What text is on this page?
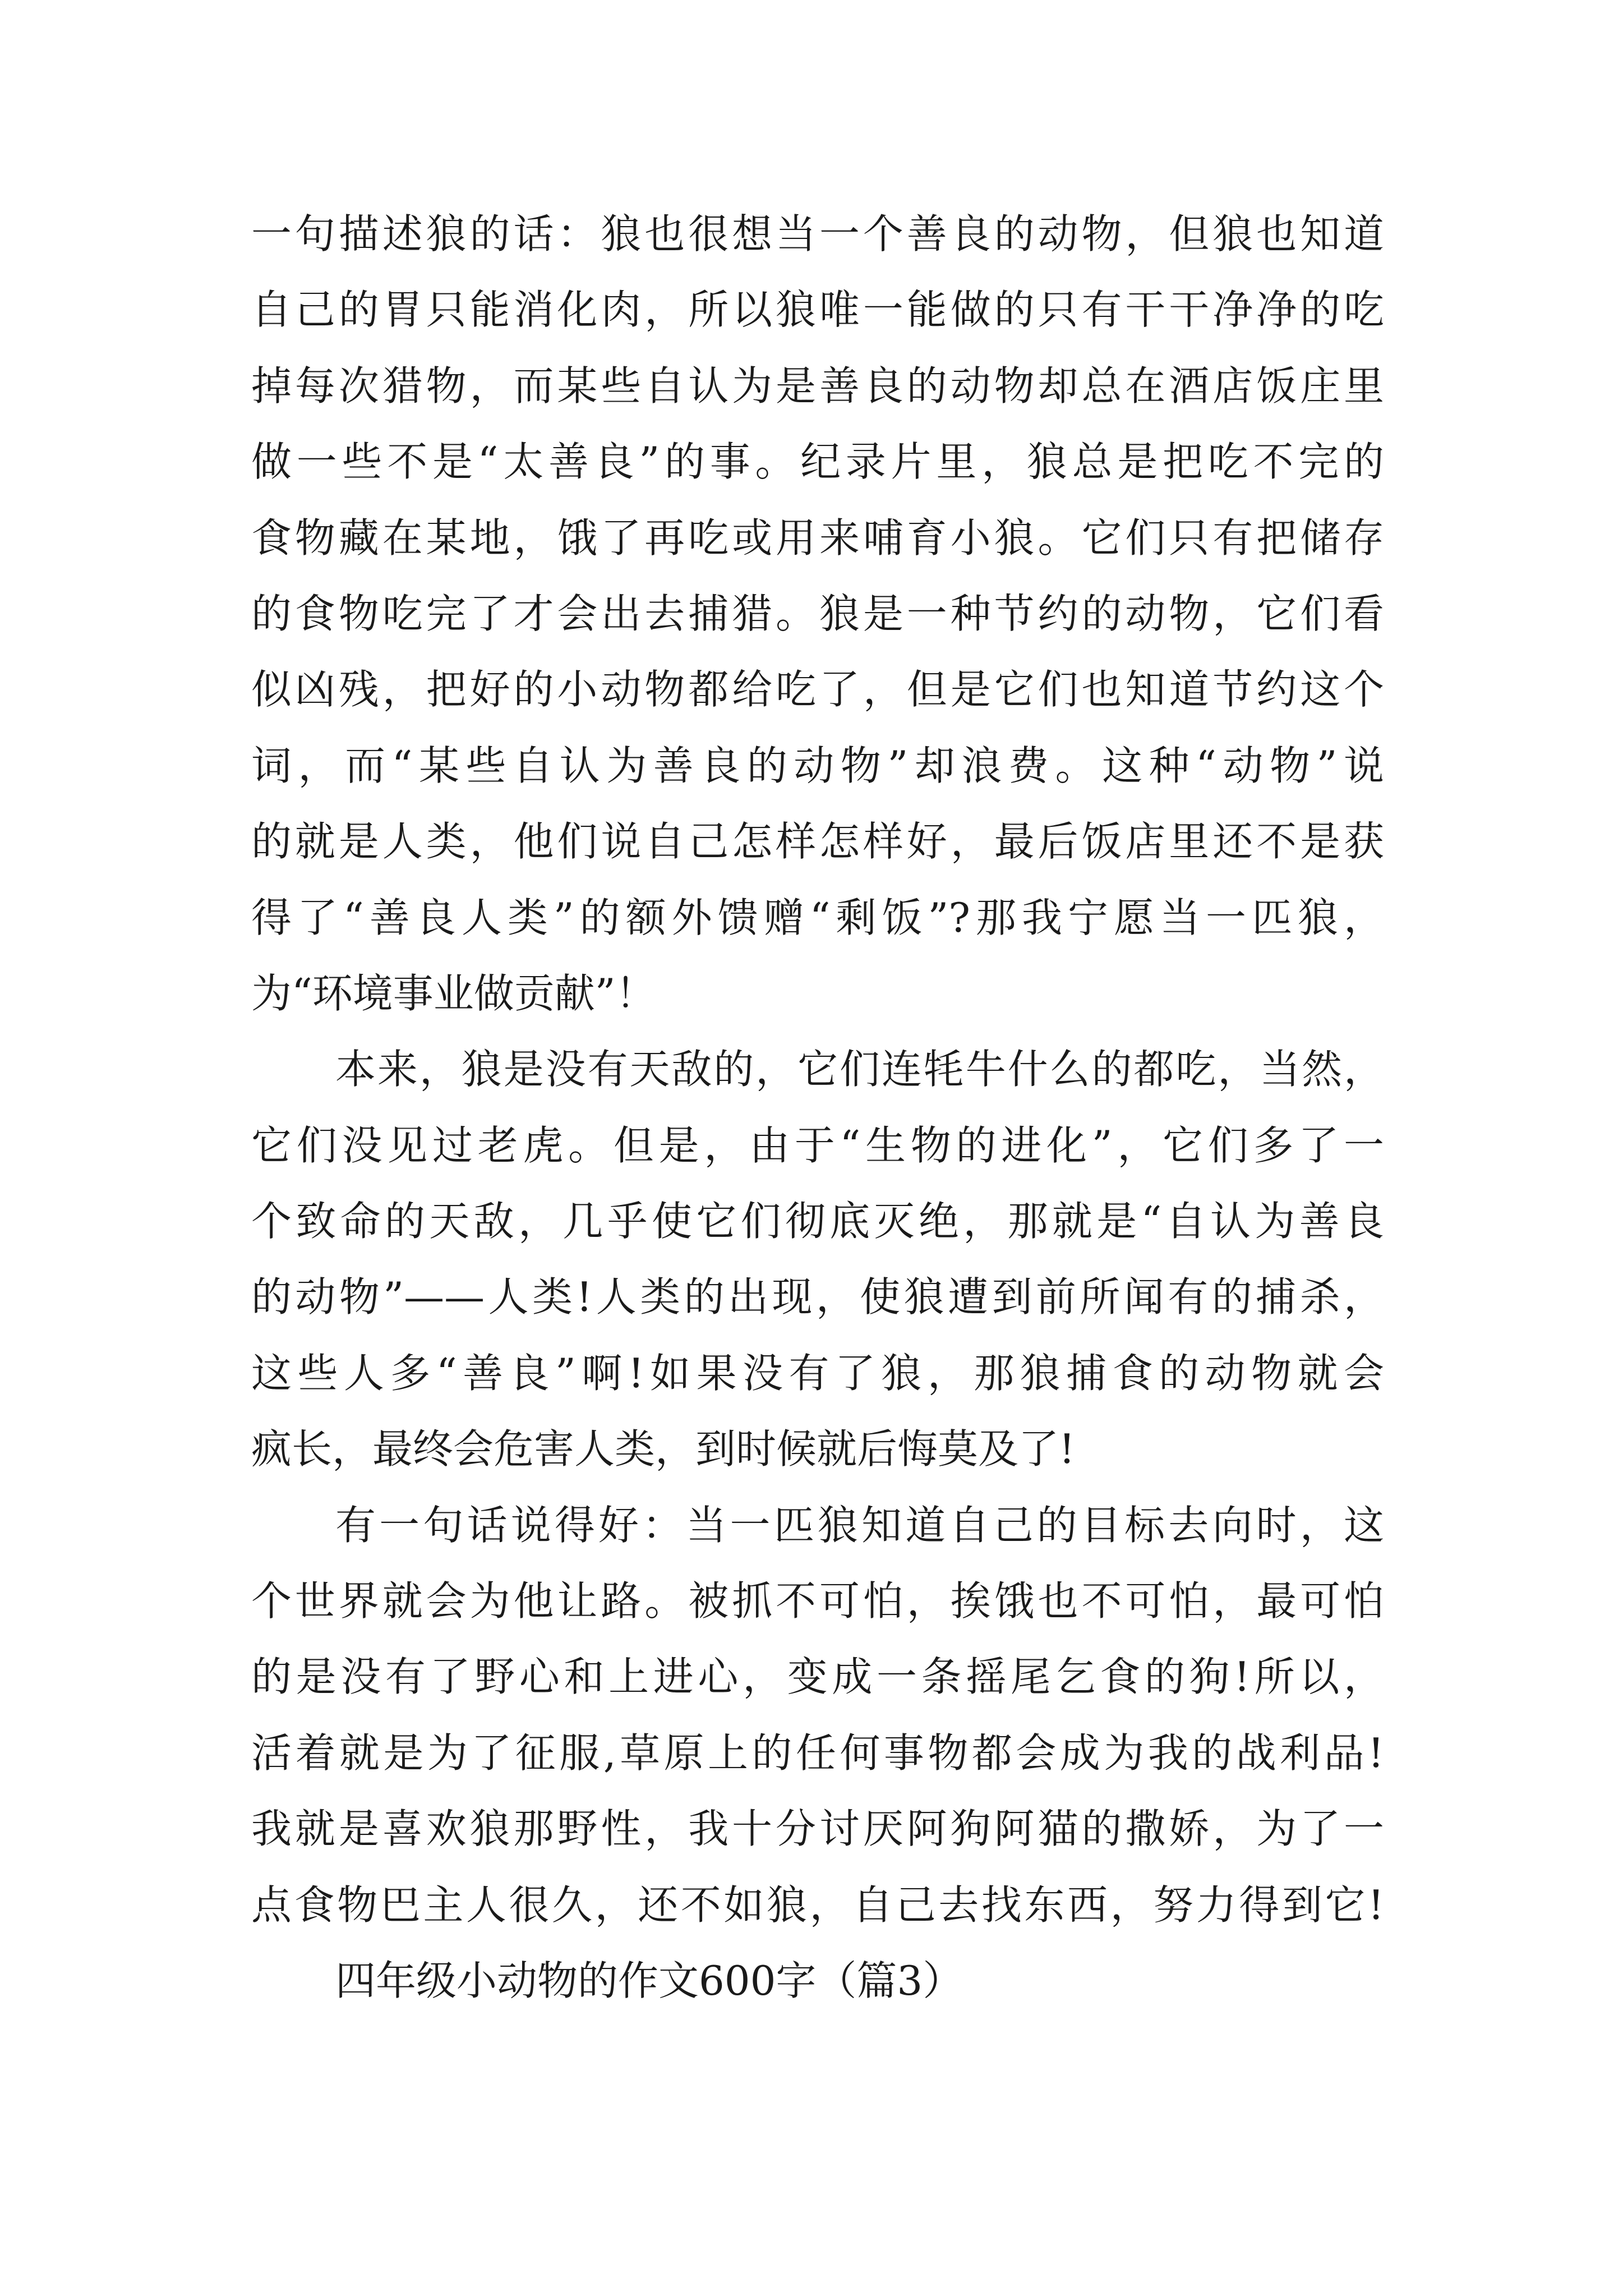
一句描述狼的话：狼也很想当一个善良的动物，但狼也知道
自己的胃只能消化肉，所以狼唯一能做的只有干干净净的吃
掉每次猎物，而某些自认为是善良的动物却总在酒店饭庄里
做一些不是“太善良”的事。纪录片里，狼总是把吃不完的
食物藏在某地，饿了再吃或用来哺育小狼。它们只有把储存
的食物吃完了才会出去捕猎。狼是一种节约的动物，它们看
似凶残，把好的小动物都给吃了，但是它们也知道节约这个
词，而“某些自认为善良的动物”却浪费。这种“动物”说
的就是人类，他们说自己怎样怎样好，最后饭店里还不是获
得了“善良人类”的额外馈赠“剩饭”?那我宁愿当一匹狼，
为“环境事业做贡献”！
本来，狼是没有天敌的，它们连牦牛什么的都吃，当然，
它们没见过老虎。但是，由于“生物的进化”，它们多了一
个致命的天敌，几乎使它们彻底灭绝，那就是“自认为善良
的动物”——人类!人类的出现，使狼遭到前所闻有的捕杀，
这些人多“善良”啊!如果没有了狼，那狼捕食的动物就会
疯长，最终会危害人类，到时候就后悔莫及了!
有一句话说得好：当一匹狼知道自己的目标去向时，这
个世界就会为他让路。被抓不可怕，挨饿也不可怕，最可怕
的是没有了野心和上进心，变成一条摇尾乞食的狗!所以，
活着就是为了征服,草原上的任何事物都会成为我的战利品!
我就是喜欢狼那野性，我十分讨厌阿狗阿猫的撒娇，为了一
点食物巴主人很久，还不如狼，自己去找东西，努力得到它!
四年级小动物的作文600字（篇3）
